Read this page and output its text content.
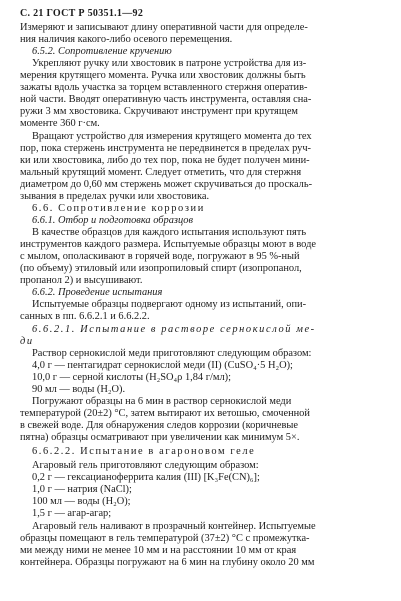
С. 21 ГОСТ Р 50351.1—92
Измеряют и записывают длину оперативной части для определе-
ния наличия какого-либо осевого перемещения.
6.5.2. Сопротивление кручению
Укрепляют ручку или хвостовик в патроне устройства для из-
мерения крутящего момента. Ручка или хвостовик должны быть
зажаты вдоль участка за торцем вставленного стержня оператив-
ной части. Вводят оперативную часть инструмента, оставляя сна-
ружи 3 мм хвостовика. Скручивают инструмент при крутящем
моменте 360 г·см.
Вращают устройство для измерения крутящего момента до тех
пор, пока стержень инструмента не передвинется в пределах руч-
ки или хвостовика, либо до тех пор, пока не будет получен мини-
мальный крутящий момент. Следует отметить, что для стержня
диаметром до 0,60 мм стержень может скручиваться до проскаль-
зывания в пределах ручки или хвостовика.
6.6. Сопротивление коррозии
6.6.1. Отбор и подготовка образцов
В качестве образцов для каждого испытания используют пять
инструментов каждого размера. Испытуемые образцы моют в воде
с мылом, ополаскивают в горячей воде, погружают в 95 %-ный
(по объему) этиловый или изопропиловый спирт (изопропанол,
пропанол 2) и высушивают.
6.6.2. Проведение испытания
Испытуемые образцы подвергают одному из испытаний, опи-
санных в пп. 6.6.2.1 и 6.6.2.2.
6.6.2.1. Испытание в растворе сернокислой ме-
ди
Раствор сернокислой меди приготовляют следующим образом:
4,0 г — пентагидрат сернокислой меди (II) (CuSO₄·5 H₂O);
10,0 г — серной кислоты (H₂SO₄ρ 1,84 г/мл);
90 мл — воды (H₂O).
Погружают образцы на 6 мин в раствор сернокислой меди
температурой (20±2) °С, затем вытирают их ветошью, смоченной
в свежей воде. Для обнаружения следов коррозии (коричневые
пятна) образцы осматривают при увеличении как минимум 5×.
6.6.2.2. Испытание в агароновом геле
Агаровый гель приготовляют следующим образом:
0,2 г — гексацианоферрита калия (III) [K₃Fe(CN)₆];
1,0 г — натрия (NaCl);
100 мл — воды (H₂O);
1,5 г — агар-агар;
Агаровый гель наливают в прозрачный контейнер. Испытуемые
образцы помещают в гель температурой (37±2) °С с промежутка-
ми между ними не менее 10 мм и на расстоянии 10 мм от края
контейнера. Образцы погружают на 6 мин на глубину около 20 мм
